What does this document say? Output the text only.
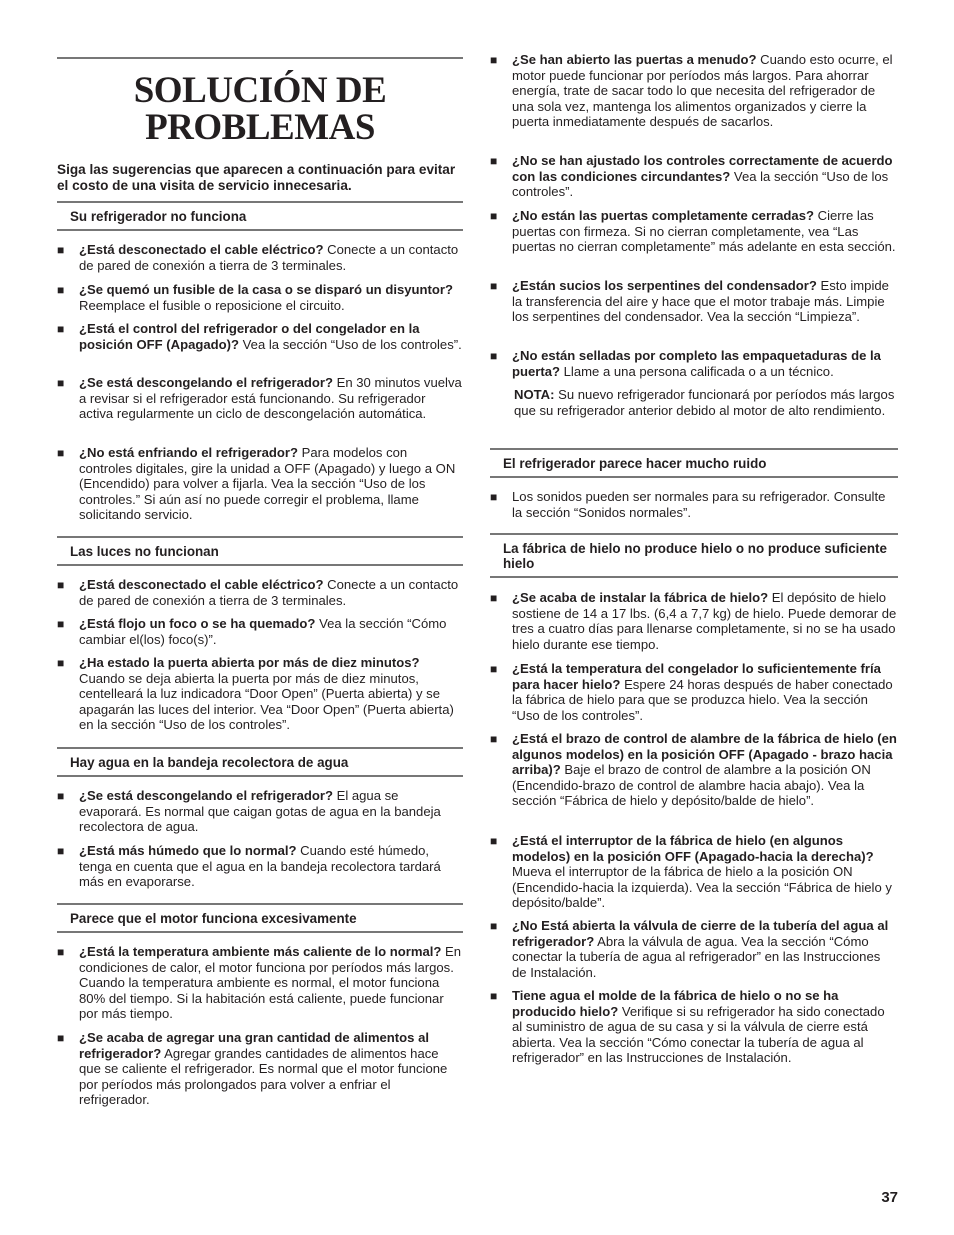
SOLUCIÓN DE
PROBLEMAS
Siga las sugerencias que aparecen a continuación para evitar el costo de una visita de servicio innecesaria.
Su refrigerador no funciona
■ ¿Está desconectado el cable eléctrico? Conecte a un contacto de pared de conexión a tierra de 3 terminales.
■ ¿Se quemó un fusible de la casa o se disparó un disyuntor? Reemplace el fusible o reposicione el circuito.
■ ¿Está el control del refrigerador o del congelador en la posición OFF (Apagado)? Vea la sección “Uso de los controles”.
■ ¿Se está descongelando el refrigerador? En 30 minutos vuelva a revisar si el refrigerador está funcionando. Su refrigerador activa regularmente un ciclo de descongelación automática.
■ ¿No está enfriando el refrigerador? Para modelos con controles digitales, gire la unidad a OFF (Apagado) y luego a ON (Encendido) para volver a fijarla. Vea la sección “Uso de los controles.” Si aún así no puede corregir el problema, llame solicitando servicio.
Las luces no funcionan
■ ¿Está desconectado el cable eléctrico? Conecte a un contacto de pared de conexión a tierra de 3 terminales.
■ ¿Está flojo un foco o se ha quemado? Vea la sección “Cómo cambiar el(los) foco(s)”.
■ ¿Ha estado la puerta abierta por más de diez minutos? Cuando se deja abierta la puerta por más de diez minutos, centelleará la luz indicadora “Door Open” (Puerta abierta) y se apagarán las luces del interior. Vea “Door Open” (Puerta abierta) en la sección “Uso de los controles”.
Hay agua en la bandeja recolectora de agua
■ ¿Se está descongelando el refrigerador? El agua se evaporará. Es normal que caigan gotas de agua en la bandeja recolectora de agua.
■ ¿Está más húmedo que lo normal? Cuando esté húmedo, tenga en cuenta que el agua en la bandeja recolectora tardará más en evaporarse.
Parece que el motor funciona excesivamente
■ ¿Está la temperatura ambiente más caliente de lo normal? En condiciones de calor, el motor funciona por períodos más largos. Cuando la temperatura ambiente es normal, el motor funciona 80% del tiempo. Si la habitación está caliente, puede funcionar por más tiempo.
■ ¿Se acaba de agregar una gran cantidad de alimentos al refrigerador? Agregar grandes cantidades de alimentos hace que se caliente el refrigerador. Es normal que el motor funcione por períodos más prolongados para volver a enfriar el refrigerador.
■ ¿Se han abierto las puertas a menudo? Cuando esto ocurre, el motor puede funcionar por períodos más largos. Para ahorrar energía, trate de sacar todo lo que necesita del refrigerador de una sola vez, mantenga los alimentos organizados y cierre la puerta inmediatamente después de sacarlos.
■ ¿No se han ajustado los controles correctamente de acuerdo con las condiciones circundantes? Vea la sección “Uso de los controles”.
■ ¿No están las puertas completamente cerradas? Cierre las puertas con firmeza. Si no cierran completamente, vea “Las puertas no cierran completamente” más adelante en esta sección.
■ ¿Están sucios los serpentines del condensador? Esto impide la transferencia del aire y hace que el motor trabaje más. Limpie los serpentines del condensador. Vea la sección “Limpieza”.
■ ¿No están selladas por completo las empaquetaduras de la puerta? Llame a una persona calificada o a un técnico.
NOTA: Su nuevo refrigerador funcionará por períodos más largos que su refrigerador anterior debido al motor de alto rendimiento.
El refrigerador parece hacer mucho ruido
■ Los sonidos pueden ser normales para su refrigerador. Consulte la sección “Sonidos normales”.
La fábrica de hielo no produce hielo o no produce suficiente hielo
■ ¿Se acaba de instalar la fábrica de hielo? El depósito de hielo sostiene de 14 a 17 lbs. (6,4 a 7,7 kg) de hielo. Puede demorar de tres a cuatro días para llenarse completamente, si no se ha usado hielo durante ese tiempo.
■ ¿Está la temperatura del congelador lo suficientemente fría para hacer hielo? Espere 24 horas después de haber conectado la fábrica de hielo para que se produzca hielo. Vea la sección “Uso de los controles”.
■ ¿Está el brazo de control de alambre de la fábrica de hielo (en algunos modelos) en la posición OFF (Apagado - brazo hacia arriba)? Baje el brazo de control de alambre a la posición ON (Encendido-brazo de control de alambre hacia abajo). Vea la sección “Fábrica de hielo y depósito/balde de hielo”.
■ ¿Está el interruptor de la fábrica de hielo (en algunos modelos) en la posición OFF (Apagado-hacia la derecha)? Mueva el interruptor de la fábrica de hielo a la posición ON (Encendido-hacia la izquierda). Vea la sección “Fábrica de hielo y depósito/balde”.
■ ¿No Está abierta la válvula de cierre de la tubería del agua al refrigerador? Abra la válvula de agua. Vea la sección “Cómo conectar la tubería de agua al refrigerador” en las Instrucciones de Instalación.
■ Tiene agua el molde de la fábrica de hielo o no se ha producido hielo? Verifique si su refrigerador ha sido conectado al suministro de agua de su casa y si la válvula de cierre está abierta. Vea la sección “Cómo conectar la tubería de agua al refrigerador” en las Instrucciones de Instalación.
37
